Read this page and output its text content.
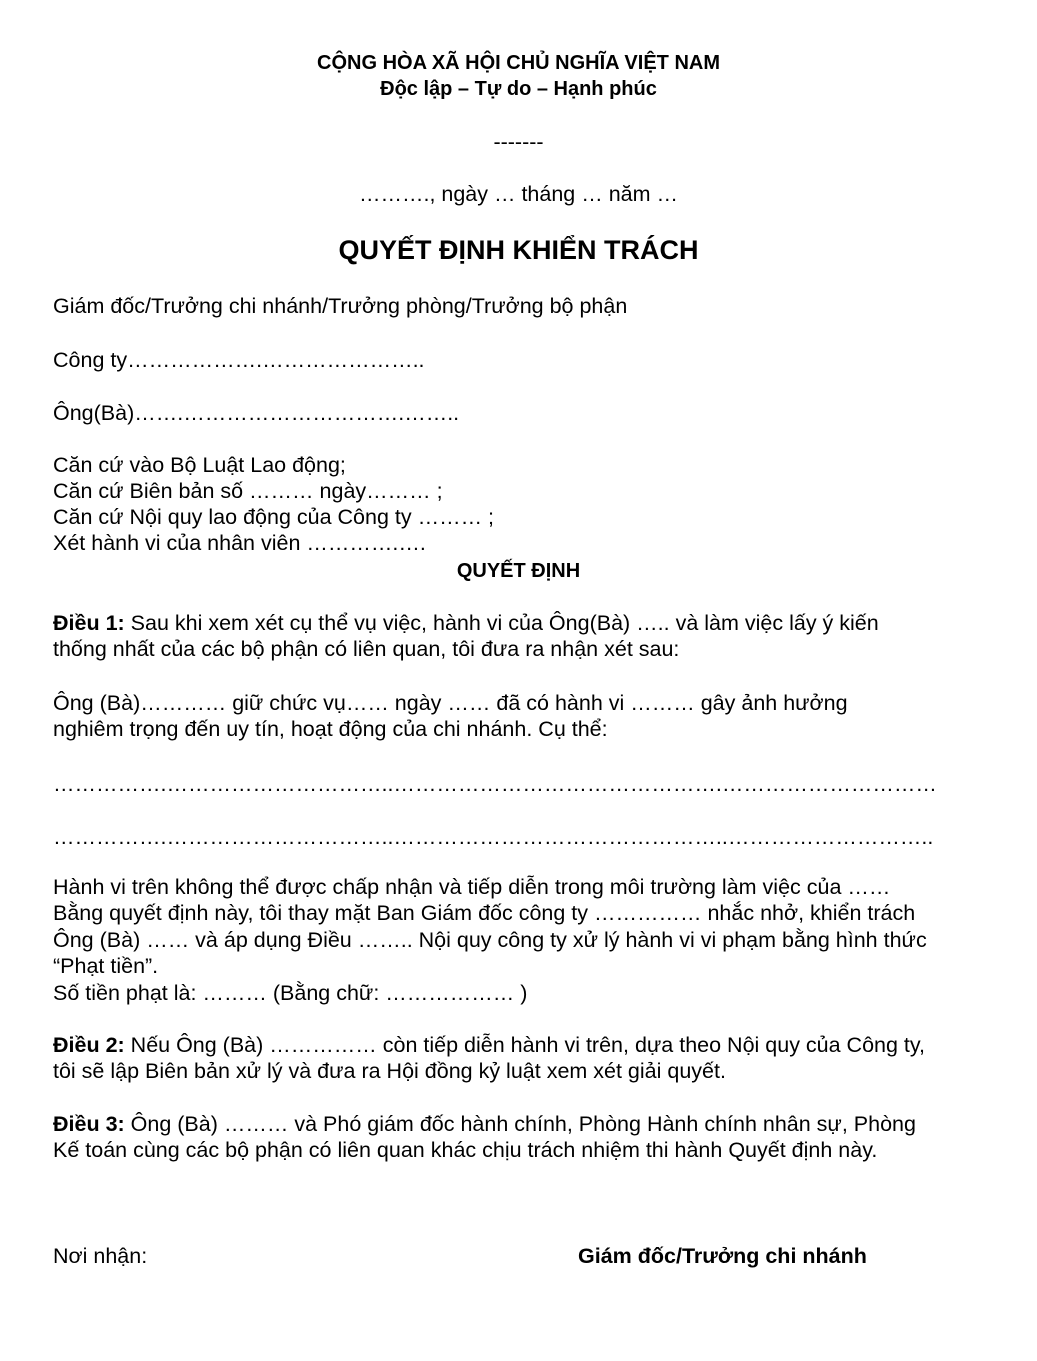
CỘNG HÒA XÃ HỘI CHỦ NGHĨA VIỆT NAM
Độc lập – Tự do – Hạnh phúc
-------
………., ngày … tháng … năm …
QUYẾT ĐỊNH KHIỂN TRÁCH
Giám đốc/Trưởng chi nhánh/Trưởng phòng/Trưởng bộ phận
Công ty……………….…………………..
Ông(Bà)…….………………………….……..
Căn cứ vào Bộ Luật Lao động;
Căn cứ Biên bản số ……… ngày……… ;
Căn cứ Nội quy lao động của Công ty ……… ;
Xét hành vi của nhân viên ………….….
QUYẾT ĐỊNH
Điều 1: Sau khi xem xét cụ thể vụ việc, hành vi của Ông(Bà) ….. và làm việc lấy ý kiến
thống nhất của các bộ phận có liên quan, tôi đưa ra nhận xét sau:
Ông (Bà)………… giữ chức vụ…… ngày …… đã có hành vi ……… gây ảnh hưởng
nghiêm trọng đến uy tín, hoạt động của chi nhánh. Cụ thể:
…………….…………………………..……………………………………….…………………………
…………….…………………………..………………………………………..………………………..
Hành vi trên không thể được chấp nhận và tiếp diễn trong môi trường làm việc của ……
Bằng quyết định này, tôi thay mặt Ban Giám đốc công ty …………… nhắc nhở, khiển trách
Ông (Bà) …… và áp dụng Điều …….. Nội quy công ty xử lý hành vi vi phạm bằng hình thức
“Phạt tiền”.
Số tiền phạt là: ……… (Bằng chữ: ……………… )
Điều 2: Nếu Ông (Bà) …………… còn tiếp diễn hành vi trên, dựa theo Nội quy của Công ty,
tôi sẽ lập Biên bản xử lý và đưa ra Hội đồng kỷ luật xem xét giải quyết.
Điều 3: Ông (Bà) ……… và Phó giám đốc hành chính, Phòng Hành chính nhân sự, Phòng
Kế toán cùng các bộ phận có liên quan khác chịu trách nhiệm thi hành Quyết định này.
Nơi nhận:	Giám đốc/Trưởng chi nhánh
